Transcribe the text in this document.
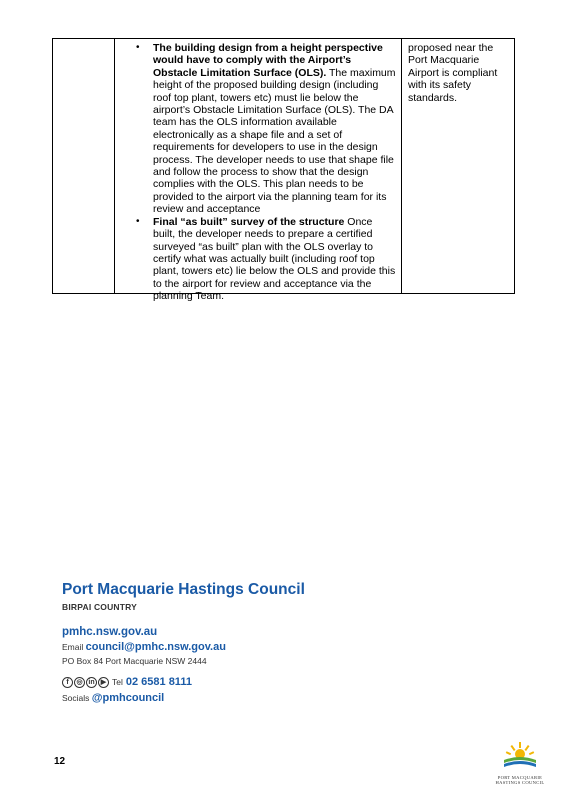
• The building design from a height perspective would have to comply with the Airport’s Obstacle Limitation Surface (OLS). The maximum height of the proposed building design (including roof top plant, towers etc) must lie below the airport’s Obstacle Limitation Surface (OLS). The DA team has the OLS information available electronically as a shape file and a set of requirements for developers to use in the design process. The developer needs to use that shape file and follow the process to show that the design complies with the OLS. This plan needs to be provided to the airport via the planning team for its review and acceptance
• Final “as built” survey of the structure Once built, the developer needs to prepare a certified surveyed “as built” plan with the OLS overlay to certify what was actually built (including roof top plant, towers etc) lie below the OLS and provide this to the airport for review and acceptance via the planning Team.
proposed near the Port Macquarie Airport is compliant with its safety standards.
Port Macquarie Hastings Council
BIRPAI COUNTRY
pmhc.nsw.gov.au
Email council@pmhc.nsw.gov.au
PO Box 84 Port Macquarie NSW 2444
f	◎ in ▶ Tel 02 6581 8111
Socials @pmhcouncil
12
PORT MACQUARIE
HASTINGS COUNCIL
